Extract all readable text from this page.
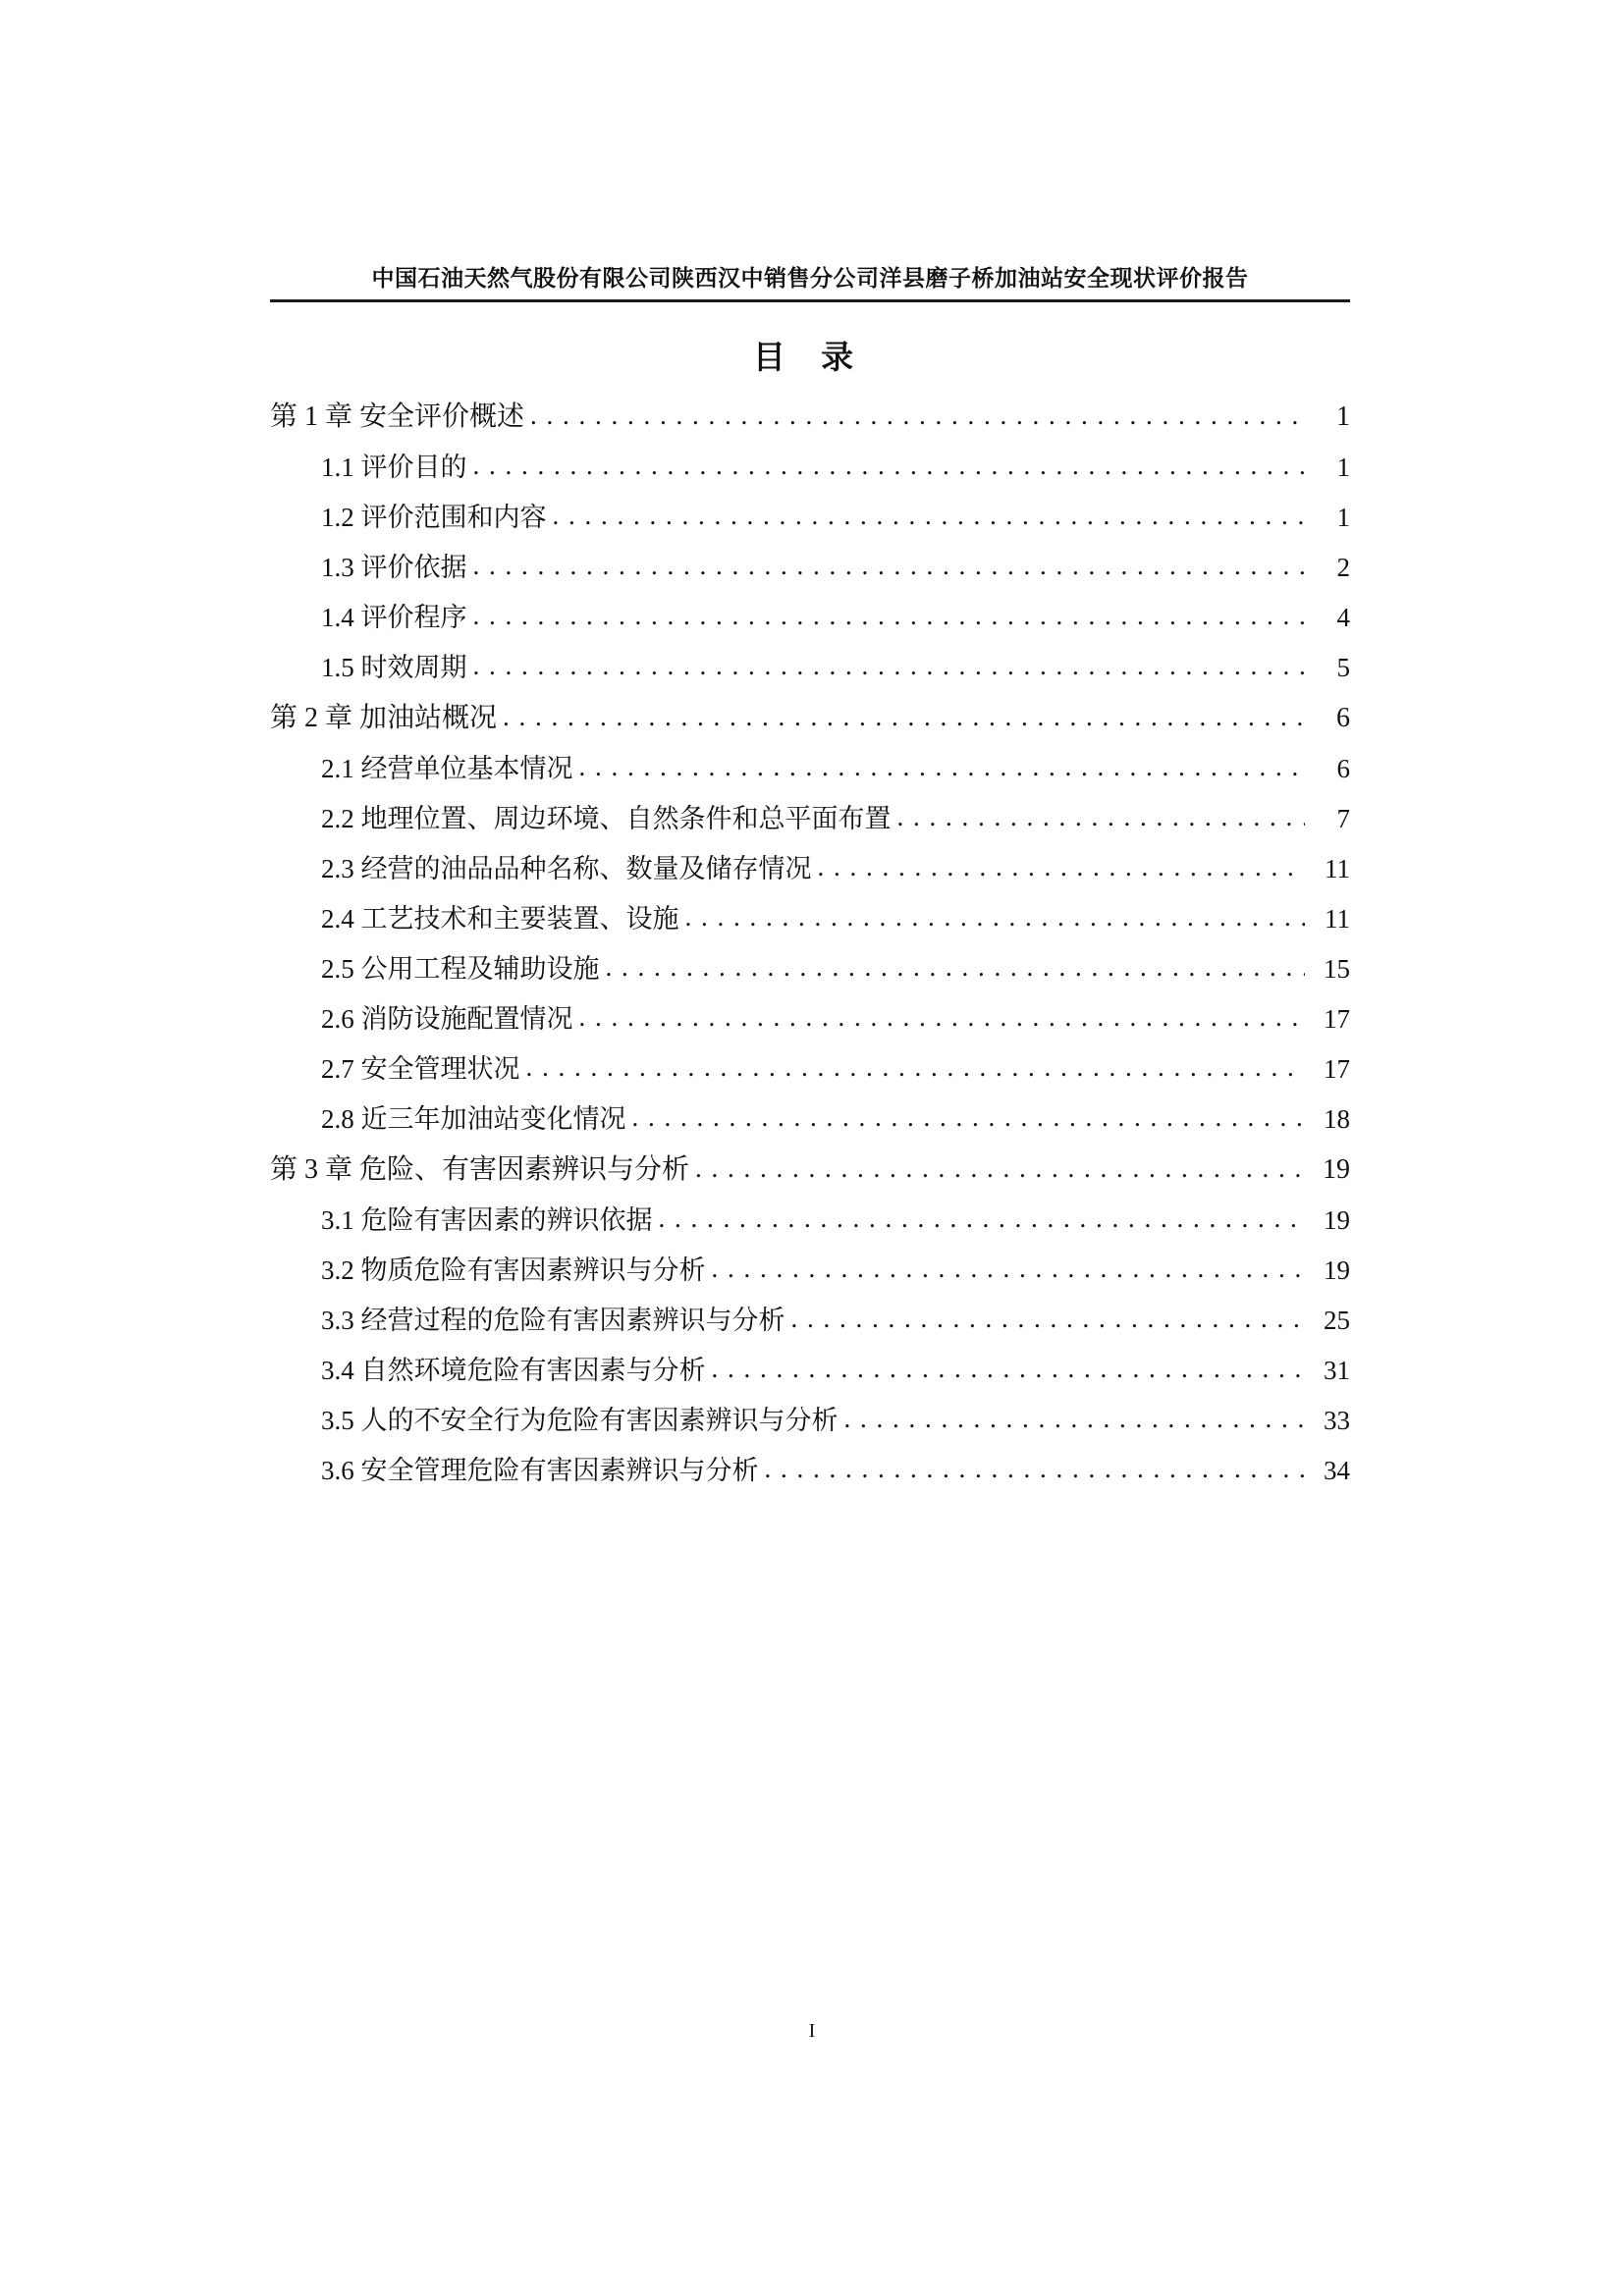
中国石油天然气股份有限公司陕西汉中销售分公司洋县磨子桥加油站安全现状评价报告
目 录
第 1 章 安全评价概述 . . .	1
1.1 评价目的 . . .	1
1.2 评价范围和内容 . . .	1
1.3 评价依据 . . .	2
1.4 评价程序 . . .	4
1.5 时效周期 . . .	5
第 2 章 加油站概况 . . .	6
2.1 经营单位基本情况 . . .	6
2.2 地理位置、周边环境、自然条件和总平面布置 . . .	7
2.3 经营的油品品种名称、数量及储存情况 . . .	11
2.4 工艺技术和主要装置、设施 . . .	11
2.5 公用工程及辅助设施 . . .	15
2.6 消防设施配置情况 . . .	17
2.7 安全管理状况 . . .	17
2.8 近三年加油站变化情况 . . .	18
第 3 章 危险、有害因素辨识与分析 . . .	19
3.1 危险有害因素的辨识依据 . . .	19
3.2 物质危险有害因素辨识与分析 . . .	19
3.3 经营过程的危险有害因素辨识与分析 . . .	25
3.4 自然环境危险有害因素与分析 . . .	31
3.5 人的不安全行为危险有害因素辨识与分析 . . .	33
3.6 安全管理危险有害因素辨识与分析 . . .	34
I
